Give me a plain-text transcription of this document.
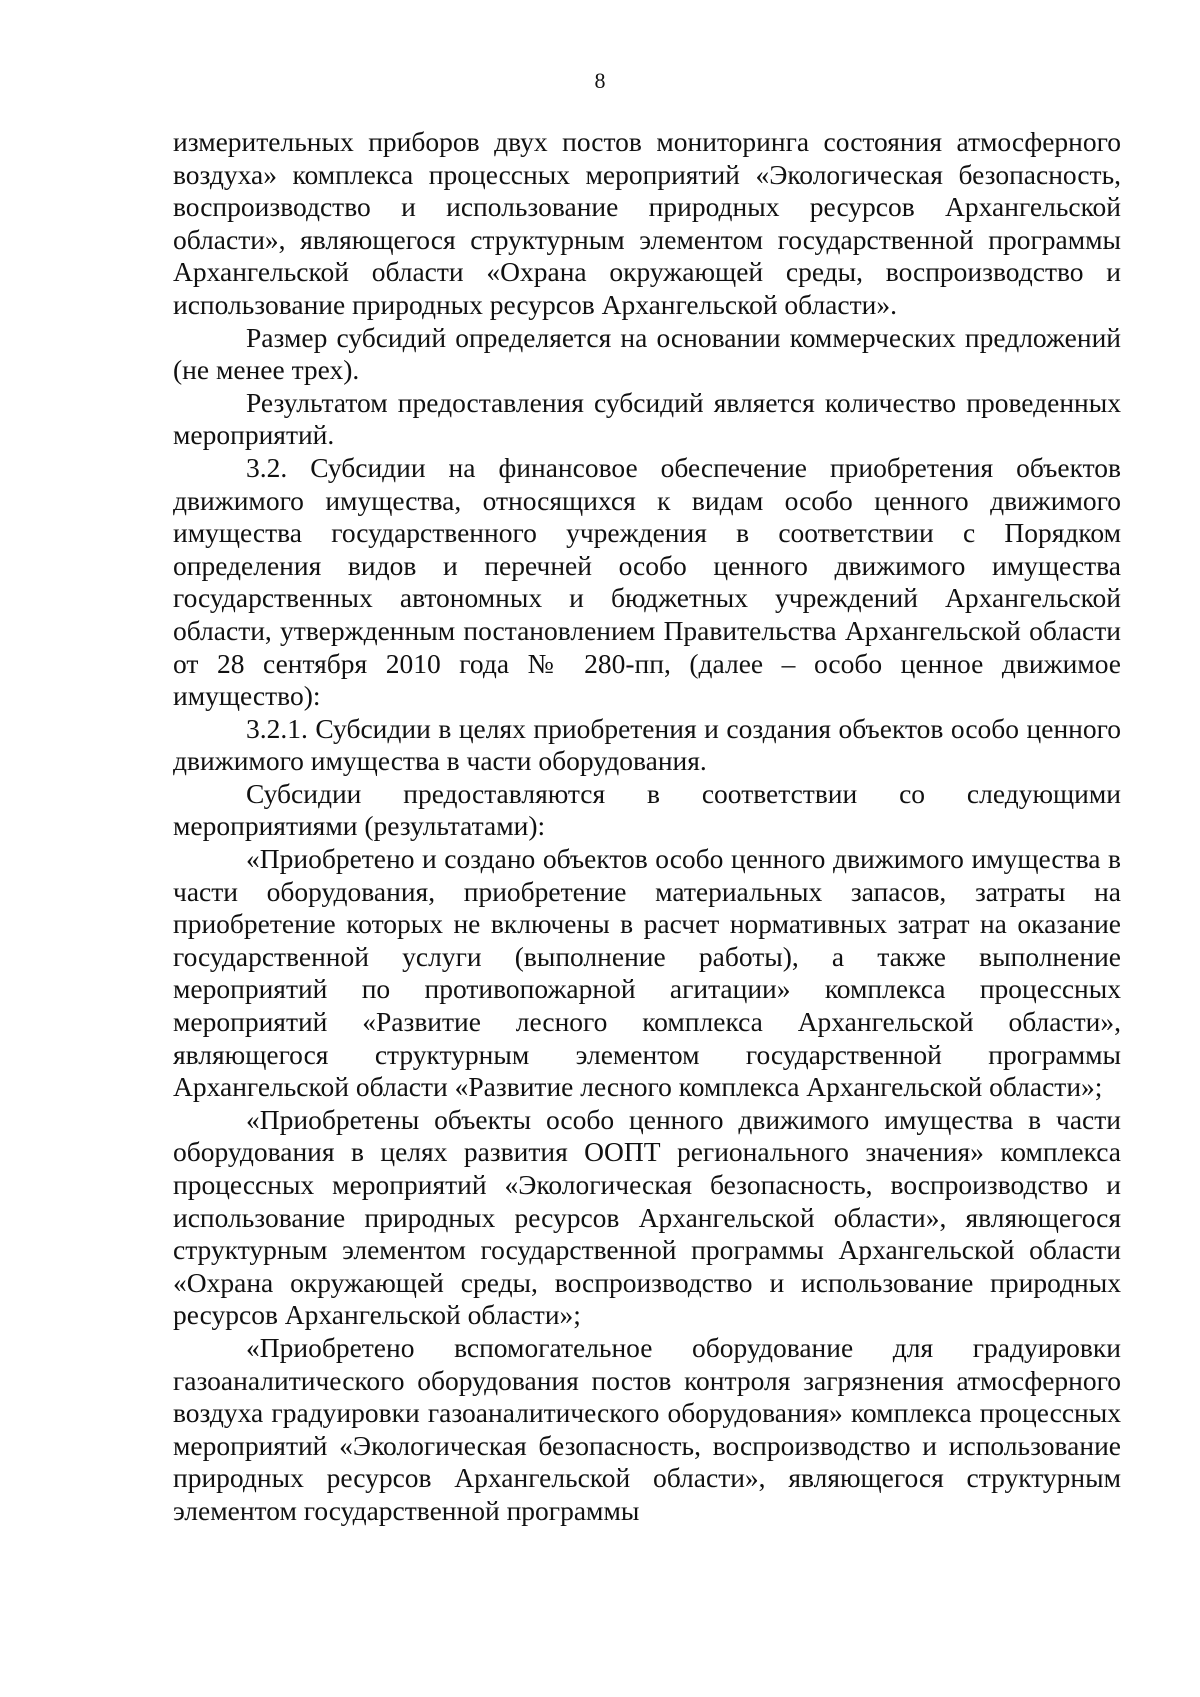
8

измерительных приборов двух постов мониторинга состояния атмосферного воздуха» комплекса процессных мероприятий «Экологическая безопасность, воспроизводство и использование природных ресурсов Архангельской области», являющегося структурным элементом государственной программы Архангельской области «Охрана окружающей среды, воспроизводство и использование природных ресурсов Архангельской области».

Размер субсидий определяется на основании коммерческих предложений (не менее трех).

Результатом предоставления субсидий является количество проведенных мероприятий.

3.2. Субсидии на финансовое обеспечение приобретения объектов движимого имущества, относящихся к видам особо ценного движимого имущества государственного учреждения в соответствии с Порядком определения видов и перечней особо ценного движимого имущества государственных автономных и бюджетных учреждений Архангельской области, утвержденным постановлением Правительства Архангельской области от 28 сентября 2010 года № 280-пп, (далее – особо ценное движимое имущество):

3.2.1. Субсидии в целях приобретения и создания объектов особо ценного движимого имущества в части оборудования.

Субсидии предоставляются в соответствии со следующими мероприятиями (результатами):

«Приобретено и создано объектов особо ценного движимого имущества в части оборудования, приобретение материальных запасов, затраты на приобретение которых не включены в расчет нормативных затрат на оказание государственной услуги (выполнение работы), а также выполнение мероприятий по противопожарной агитации» комплекса процессных мероприятий «Развитие лесного комплекса Архангельской области», являющегося структурным элементом государственной программы Архангельской области «Развитие лесного комплекса Архангельской области»;

«Приобретены объекты особо ценного движимого имущества в части оборудования в целях развития ООПТ регионального значения» комплекса процессных мероприятий «Экологическая безопасность, воспроизводство и использование природных ресурсов Архангельской области», являющегося структурным элементом государственной программы Архангельской области «Охрана окружающей среды, воспроизводство и использование природных ресурсов Архангельской области»;

«Приобретено вспомогательное оборудование для градуировки газоаналитического оборудования постов контроля загрязнения атмосферного воздуха градуировки газоаналитического оборудования» комплекса процессных мероприятий «Экологическая безопасность, воспроизводство и использование природных ресурсов Архангельской области», являющегося структурным элементом государственной программы
